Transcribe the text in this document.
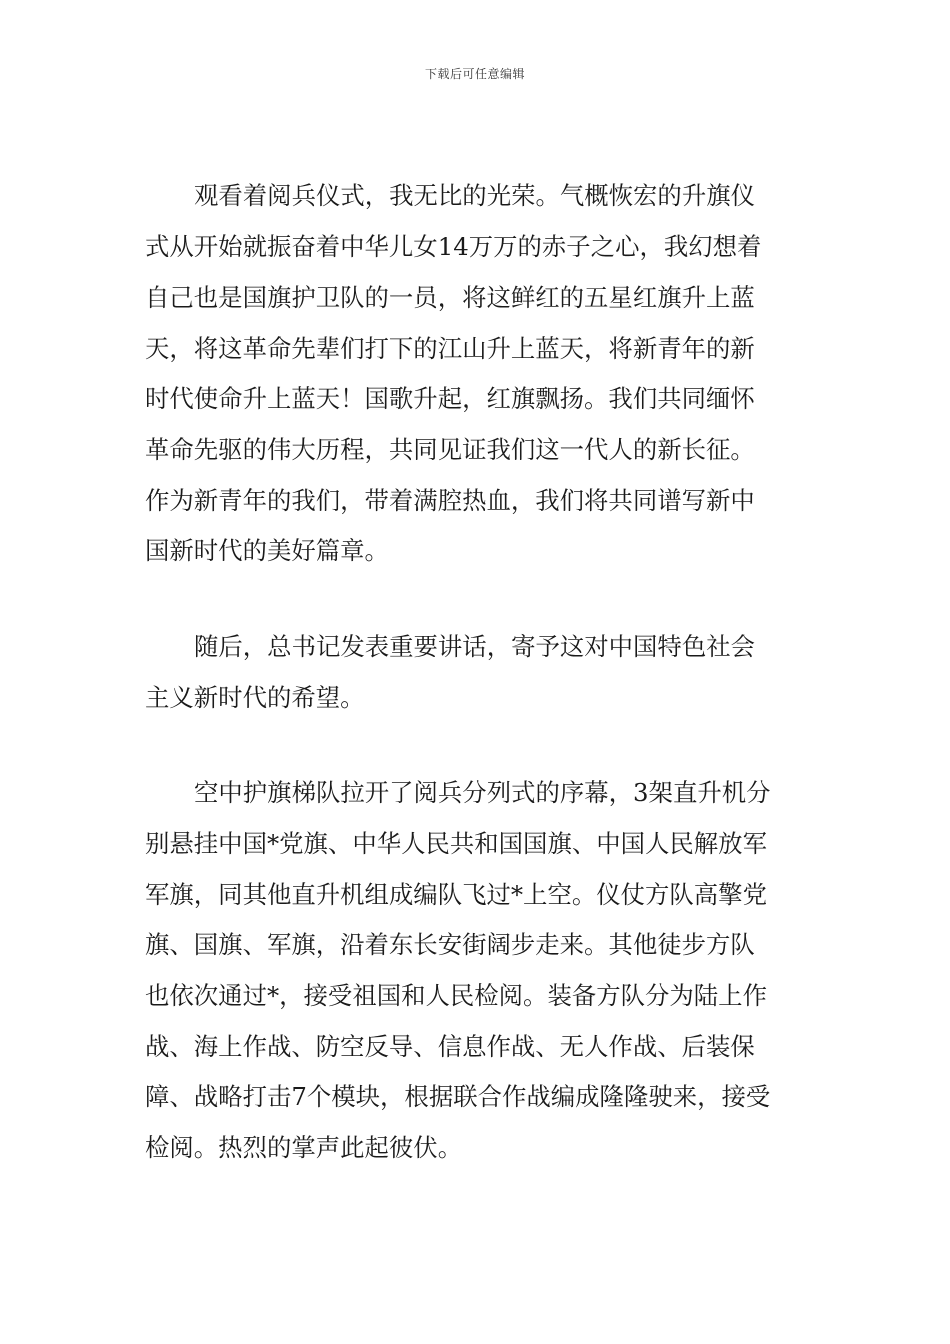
下载后可任意编辑
观看着阅兵仪式，我无比的光荣。气概恢宏的升旗仪
式从开始就振奋着中华儿女14万万的赤子之心，我幻想着
自己也是国旗护卫队的一员，将这鲜红的五星红旗升上蓝
天，将这革命先辈们打下的江山升上蓝天，将新青年的新
时代使命升上蓝天！国歌升起，红旗飘扬。我们共同缅怀
革命先驱的伟大历程，共同见证我们这一代人的新长征。
作为新青年的我们，带着满腔热血，我们将共同谱写新中
国新时代的美好篇章。
随后，总书记发表重要讲话，寄予这对中国特色社会
主义新时代的希望。
空中护旗梯队拉开了阅兵分列式的序幕，3架直升机分
别悬挂中国*党旗、中华人民共和国国旗、中国人民解放军
军旗，同其他直升机组成编队飞过*上空。仪仗方队高擎党
旗、国旗、军旗，沿着东长安街阔步走来。其他徒步方队
也依次通过*，接受祖国和人民检阅。装备方队分为陆上作
战、海上作战、防空反导、信息作战、无人作战、后装保
障、战略打击7个模块，根据联合作战编成隆隆驶来，接受
检阅。热烈的掌声此起彼伏。
